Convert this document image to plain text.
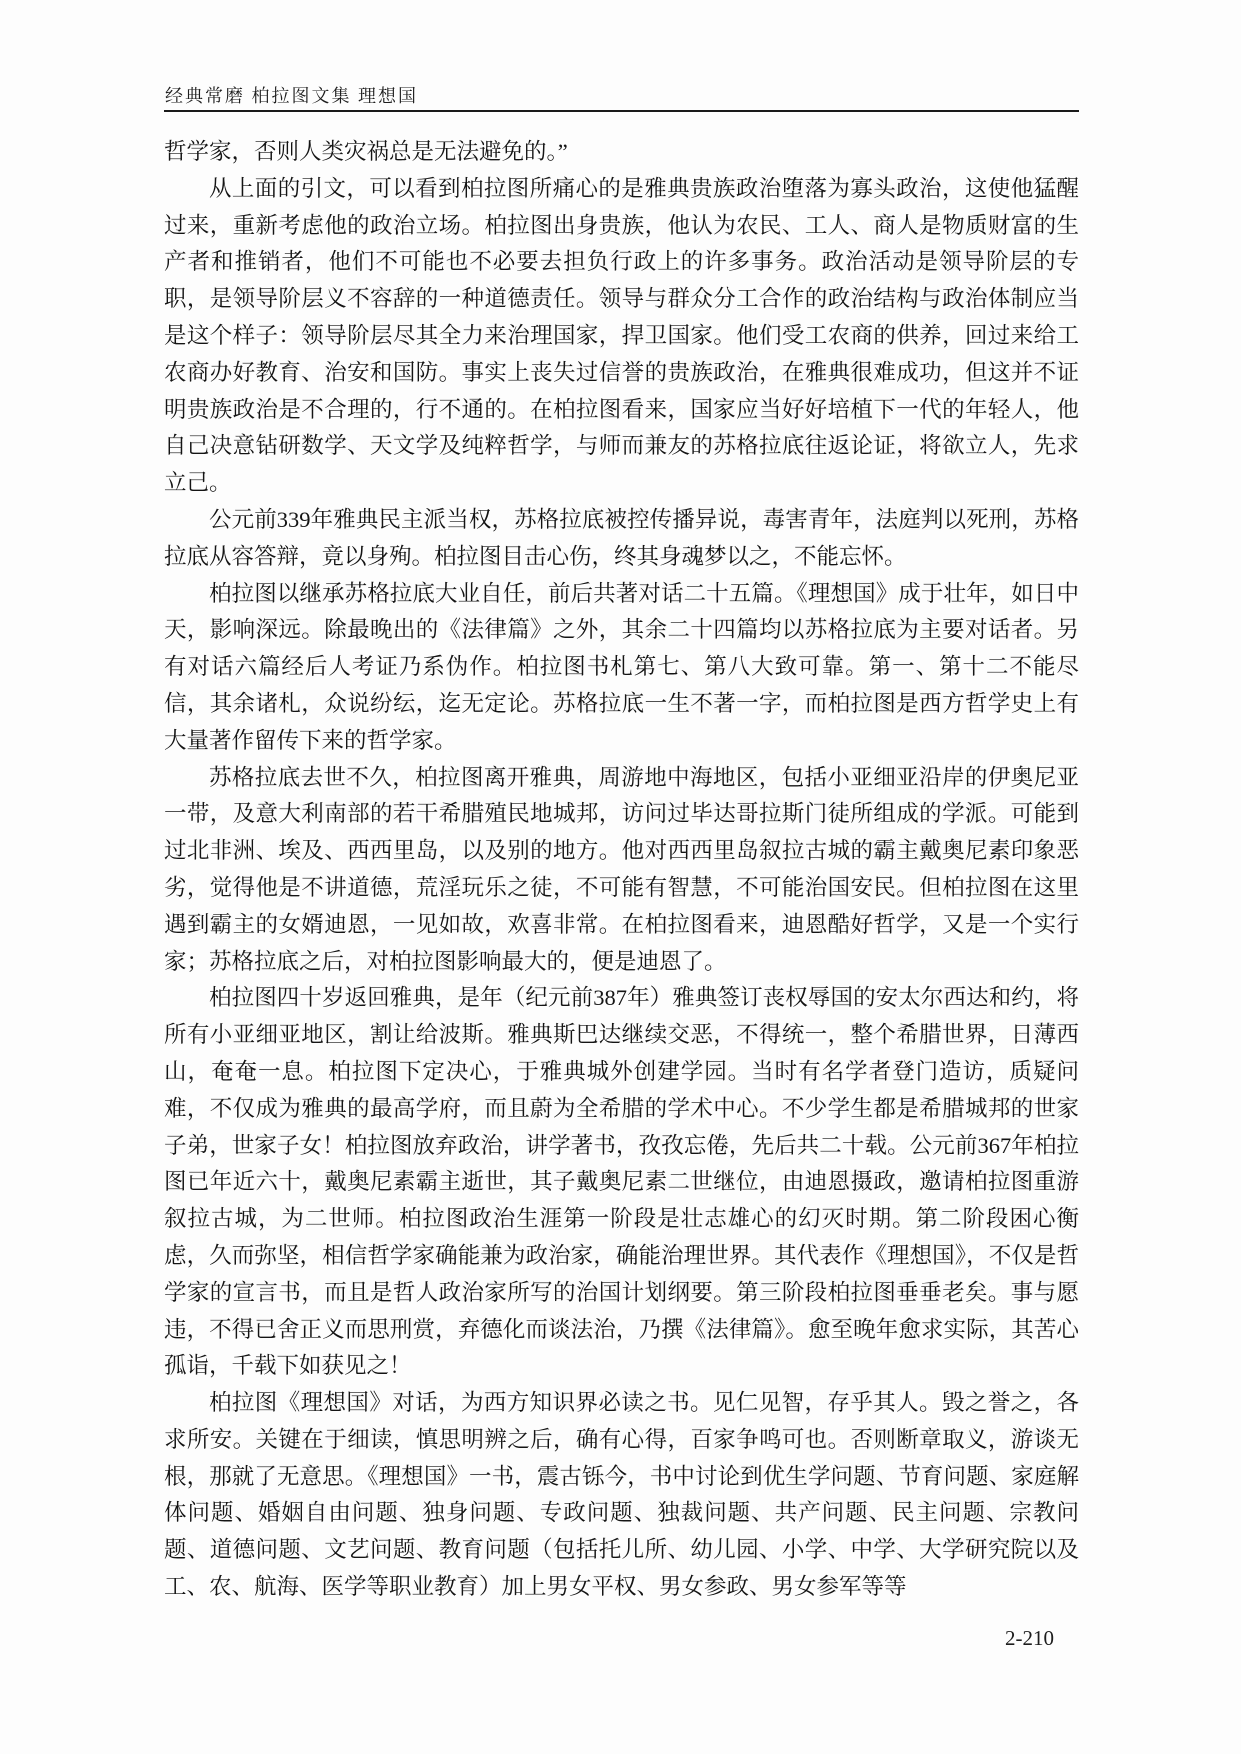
经典常磨 柏拉图文集 理想国

哲学家，否则人类灾祸总是无法避免的。”

从上面的引文，可以看到柏拉图所痛心的是雅典贵族政治堕落为寡头政治，这使他猛醒过来，重新考虑他的政治立场。柏拉图出身贵族，他认为农民、工人、商人是物质财富的生产者和推销者，他们不可能也不必要去担负行政上的许多事务。政治活动是领导阶层的专职，是领导阶层义不容辞的一种道德责任。领导与群众分工合作的政治结构与政治体制应当是这个样子：领导阶层尽其全力来治理国家，捍卫国家。他们受工农商的供养，回过来给工农商办好教育、治安和国防。事实上丧失过信誉的贵族政治，在雅典很难成功，但这并不证明贵族政治是不合理的，行不通的。在柏拉图看来，国家应当好好培植下一代的年轻人，他自己决意钻研数学、天文学及纯粹哲学，与师而兼友的苏格拉底往返论证，将欲立人，先求立己。

公元前339年雅典民主派当权，苏格拉底被控传播异说，毒害青年，法庭判以死刑，苏格拉底从容答辩，竟以身殉。柏拉图目击心伤，终其身魂梦以之，不能忘怀。

柏拉图以继承苏格拉底大业自任，前后共著对话二十五篇。《理想国》成于壮年，如日中天，影响深远。除最晚出的《法律篇》之外，其余二十四篇均以苏格拉底为主要对话者。另有对话六篇经后人考证乃系伪作。柏拉图书札第七、第八大致可靠。第一、第十二不能尽信，其余诸札，众说纷纭，迄无定论。苏格拉底一生不著一字，而柏拉图是西方哲学史上有大量著作留传下来的哲学家。

苏格拉底去世不久，柏拉图离开雅典，周游地中海地区，包括小亚细亚沿岸的伊奥尼亚一带，及意大利南部的若干希腊殖民地城邦，访问过毕达哥拉斯门徒所组成的学派。可能到过北非洲、埃及、西西里岛，以及别的地方。他对西西里岛叙拉古城的霸主戴奥尼素印象恶劣，觉得他是不讲道德，荒淫玩乐之徒，不可能有智慧，不可能治国安民。但柏拉图在这里遇到霸主的女婿迪恩，一见如故，欢喜非常。在柏拉图看来，迪恩酷好哲学，又是一个实行家；苏格拉底之后，对柏拉图影响最大的，便是迪恩了。

柏拉图四十岁返回雅典，是年（纪元前387年）雅典签订丧权辱国的安太尔西达和约，将所有小亚细亚地区，割让给波斯。雅典斯巴达继续交恶，不得统一，整个希腊世界，日薄西山，奄奄一息。柏拉图下定决心，于雅典城外创建学园。当时有名学者登门造访，质疑问难，不仅成为雅典的最高学府，而且蔚为全希腊的学术中心。不少学生都是希腊城邦的世家子弟，世家子女！柏拉图放弃政治，讲学著书，孜孜忘倦，先后共二十载。公元前367年柏拉图已年近六十，戴奥尼素霸主逝世，其子戴奥尼素二世继位，由迪恩摄政，邀请柏拉图重游叙拉古城，为二世师。柏拉图政治生涯第一阶段是壮志雄心的幻灭时期。第二阶段困心衡虑，久而弥坚，相信哲学家确能兼为政治家，确能治理世界。其代表作《理想国》，不仅是哲学家的宣言书，而且是哲人政治家所写的治国计划纲要。第三阶段柏拉图垂垂老矣。事与愿违，不得已舍正义而思刑赏，弃德化而谈法治，乃撰《法律篇》。愈至晚年愈求实际，其苦心孤诣，千载下如获见之！

柏拉图《理想国》对话，为西方知识界必读之书。见仁见智，存乎其人。毁之誉之，各求所安。关键在于细读，慎思明辨之后，确有心得，百家争鸣可也。否则断章取义，游谈无根，那就了无意思。《理想国》一书，震古铄今，书中讨论到优生学问题、节育问题、家庭解体问题、婚姻自由问题、独身问题、专政问题、独裁问题、共产问题、民主问题、宗教问题、道德问题、文艺问题、教育问题（包括托儿所、幼儿园、小学、中学、大学研究院以及工、农、航海、医学等职业教育）加上男女平权、男女参政、男女参军等等

2-210
